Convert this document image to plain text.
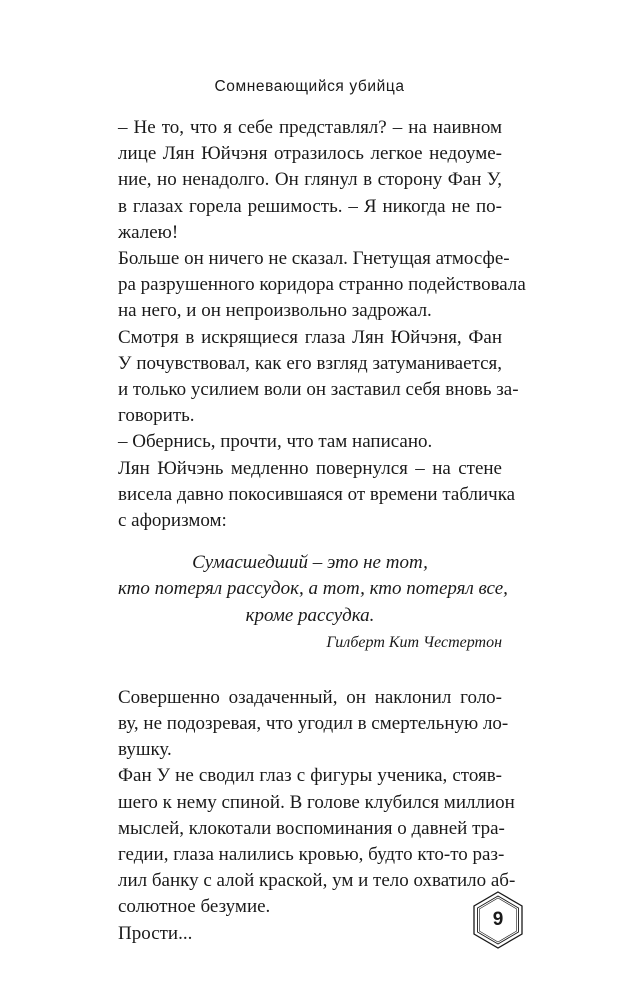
Сомневающийся убийца
– Не то, что я себе представлял? – на наивном
лице Лян Юйчэня отразилось легкое недоуме-
ние, но ненадолго. Он глянул в сторону Фан У,
в глазах горела решимость. – Я никогда не по-
жалею!
Больше он ничего не сказал. Гнетущая атмосфе-
ра разрушенного коридора странно подействовала
на него, и он непроизвольно задрожал.
Смотря в искрящиеся глаза Лян Юйчэня, Фан
У почувствовал, как его взгляд затуманивается,
и только усилием воли он заставил себя вновь за-
говорить.
– Обернись, прочти, что там написано.
Лян Юйчэнь медленно повернулся – на стене
висела давно покосившаяся от времени табличка
с афоризмом:
Сумасшедший – это не тот,
кто потерял рассудок, а тот, кто потерял все,
кроме рассудка.
Гилберт Кит Честертон
Совершенно озадаченный, он наклонил голо-
ву, не подозревая, что угодил в смертельную ло-
вушку.
Фан У не сводил глаз с фигуры ученика, стояв-
шего к нему спиной. В голове клубился миллион
мыслей, клокотали воспоминания о давней тра-
гедии, глаза налились кровью, будто кто-то раз-
лил банку с алой краской, ум и тело охватило аб-
солютное безумие.
Прости...
9
